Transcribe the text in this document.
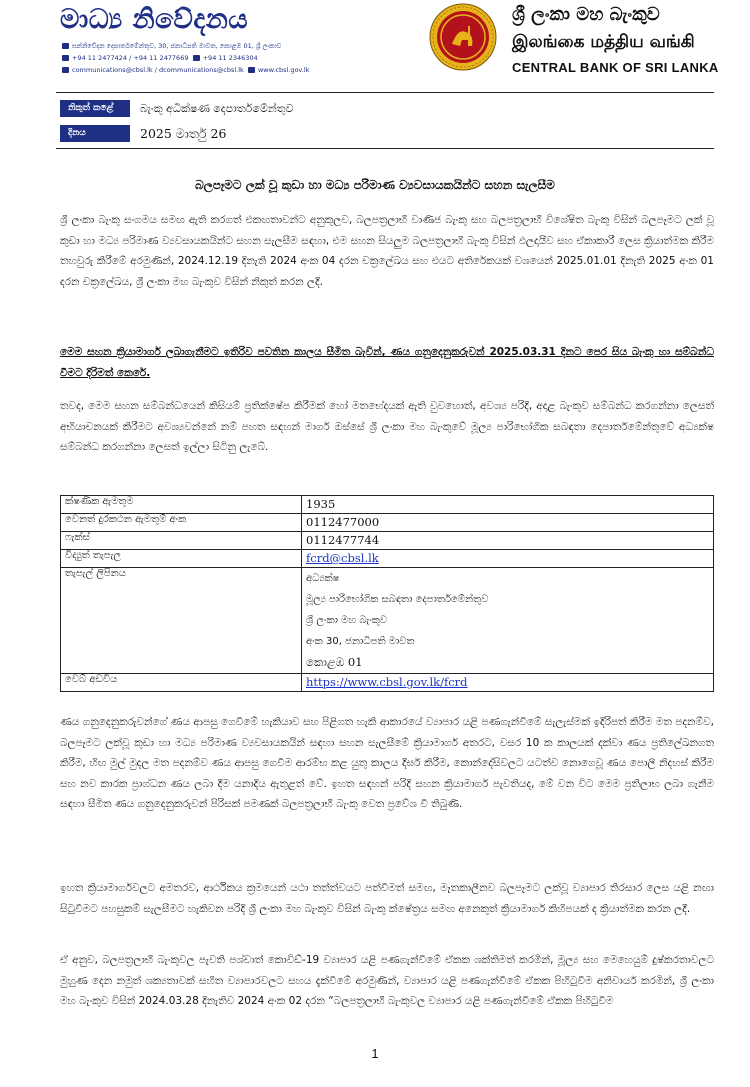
මාධ්‍ය නිවේදනය
සන්නිවේදන දෙපාර්තමේන්තුව, 30, ජනාධිපති මාවත, කොළඹ 01, ශ්‍රී ලංකාව
+94 11 2477424 / +94 11 2477669 +94 11 2346304
communications@cbsl.lk / dcommunications@cbsl.lk www.cbsl.gov.lk
ශ්‍රී ලංකා මහ බැංකුව
இலங்கை மத்திய வங்கி
CENTRAL BANK OF SRI LANKA
නිකුත් කළේ	බැංකු අධීක්ෂණ දෙපාර්තමේන්තුව
දිනය	2025 මාර්තු 26
බලපෑමට ලක් වූ කුඩා හා මධ්‍ය පරිමාණ ව්‍යවසායකයින්ට සහන සැලසීම

ශ්‍රී ලංකා බැංකු සංගමය සමඟ ඇති කරගත් එකඟතාවන්ට අනුකූලව, බලපත්‍රලාභී වාණිජ බැංකු සහ බලපත්‍රලාභී විශේෂිත බැංකු විසින් බලපෑමට ලක් වූ කුඩා හා මධ්‍ය පරිමාණ ව්‍යවසායකයින්ට සහන සැලසීම සඳහා, එම සහන සියලුම බලපත්‍රලාභී බැංකු විසින් ඵලදායීව සහ ඒකාකාරී ලෙස ක්‍රියාත්මක කිරීම තහවුරු කිරීමේ අරමුණින්, 2024.12.19 දිනැති 2024 අංක 04 දරන චක්‍රලේඛය සහ එයට අතිරේකයක් වශයෙන් 2025.01.01 දිනැති 2025 අංක 01 දරන චක්‍රලේඛය, ශ්‍රී ලංකා මහ බැංකුව විසින් නිකුත් කරන ලදී.

මෙම සහන ක්‍රියාමාර්ග ලබාගැනීමට ඉතිරිව පවතින කාලය සීමිත බැවින්, ණය ගනුදෙනුකරුවන් 2025.03.31 දිනට පෙර සිය බැංකු හා සම්බන්ධ වීමට දිරිමත් කෙරේ.

තවද, මෙම සහන සම්බන්ධයෙන් කිසියම් ප්‍රතික්ෂේප කිරීමක් හෝ මතභේදයක් ඇති වුවහොත්, අවශ්‍ය පරිදි, අදාළ බැංකුව සම්බන්ධ කරගන්නා ලෙසත් අභියාචනයක් කිරීමට අවශ්‍යවන්නේ නම් පහත සඳහන් මාර්ග ඔස්සේ ශ්‍රී ලංකා මහ බැංකුවේ මූල්‍ය පාරිභෝගික සබඳතා දෙපාර්තමේන්තුවේ අධ්‍යක්ෂ සම්බන්ධ කරගන්නා ලෙසත් ඉල්ලා සිටිනු ලැබේ.

ක්ෂණික ඇමතුම	1935
වෙනත් දුරකථන ඇමතුම් අංක	0112477000
ෆැක්ස්	0112477744
විද්‍යුත් තැපැල	fcrd@cbsl.lk
තැපැල් ලිපිනය	අධ්‍යක්ෂ
මූල්‍ය පාරිභෝගික සබඳතා දෙපාර්තමේන්තුව
ශ්‍රී ලංකා මහ බැංකුව
අංක 30, ජනාධිපති මාවත
කොළඹ 01

වෙබ් අඩවිය	https://www.cbsl.gov.lk/fcrd

ණය ගනුදෙනුකරුවන්ගේ ණය ආපසු ගෙවීමේ හැකියාව සහ පිළිගත හැකි ආකාරයේ ව්‍යාපාර යළි පණගැන්වීමේ සැලැස්මක් ඉදිරිපත් කිරීම මත පදනම්ව, බලපෑමට ලක්වූ කුඩා හා මධ්‍ය පරිමාණ ව්‍යවසායකයින් සඳහා සහන සැලසීමේ ක්‍රියාමාර්ග අතරට, වසර 10 ක කාලයක් දක්වා ණය ප්‍රතිලේඛනගත කිරීම, හිඟ මුල් මුදල මත පදනම්ව ණය ආපසු ගෙවීම ආරම්භ කළ යුතු කාලය දීර්ඝ කිරීම, කොන්දේසිවලට යටත්ව නොගෙවූ ණය පොලී නිදහස් කිරීම සහ නව කාරක ප්‍රාග්ධන ණය ලබා දීම යනාදිය ඇතුළත් වේ. ඉහත සඳහන් පරිදි සහන ක්‍රියාමාර්ග පැවතියද, මේ වන විට මෙම ප්‍රතිලාභ ලබා ගැනීම සඳහා සීමිත ණය ගනුදෙනුකරුවන් පිරිසක් පමණක් බලපත්‍රලාභී බැංකු වෙත ප්‍රවේශ වී තිබුණි.

ඉහත ක්‍රියාමාර්ගවලට අමතරව, ආර්ථිකය ක්‍රමයෙන් යථා තත්ත්වයට පත්වීමත් සමඟ, මෑතකාලීනව බලපෑමට ලක්වූ ව්‍යාපාර තිරසාර ලෙස යළි නඟා සිටුවීමට පහසුකම් සැලසීමට හැකිවන පරිදි ශ්‍රී ලංකා මහ බැංකුව විසින් බැංකු ක්ෂේත්‍රය සමඟ අනෙකුත් ක්‍රියාමාර්ග කිහිපයක් ද ක්‍රියාත්මක කරන ලදී.

ඒ අනුව, බලපත්‍රලාභී බැංකුවල පැවති පශ්චාත් කොවිඩ්-19 ව්‍යාපාර යළි පණගැන්වීමේ ඒකක ශක්තිමත් කරමින්, මූල්‍ය සහ මෙහෙයුම් දුෂ්කරතාවලට මුහුණ දෙන නමුත් ශක්‍යතාවක් සහිත ව්‍යාපාරවලට සහය දැක්වීමේ අරමුණින්, ව්‍යාපාර යළි පණගැන්වීමේ ඒකක පිහිටුවීම අනිවාර්ය කරමින්, ශ්‍රී ලංකා මහ බැංකුව විසින් 2024.03.28 දිනැතිව 2024 අංක 02 දරන “බලපත්‍රලාභී බැංකුවල ව්‍යාපාර යළි පණගැන්වීමේ ඒකක පිහිටුවීම

1
